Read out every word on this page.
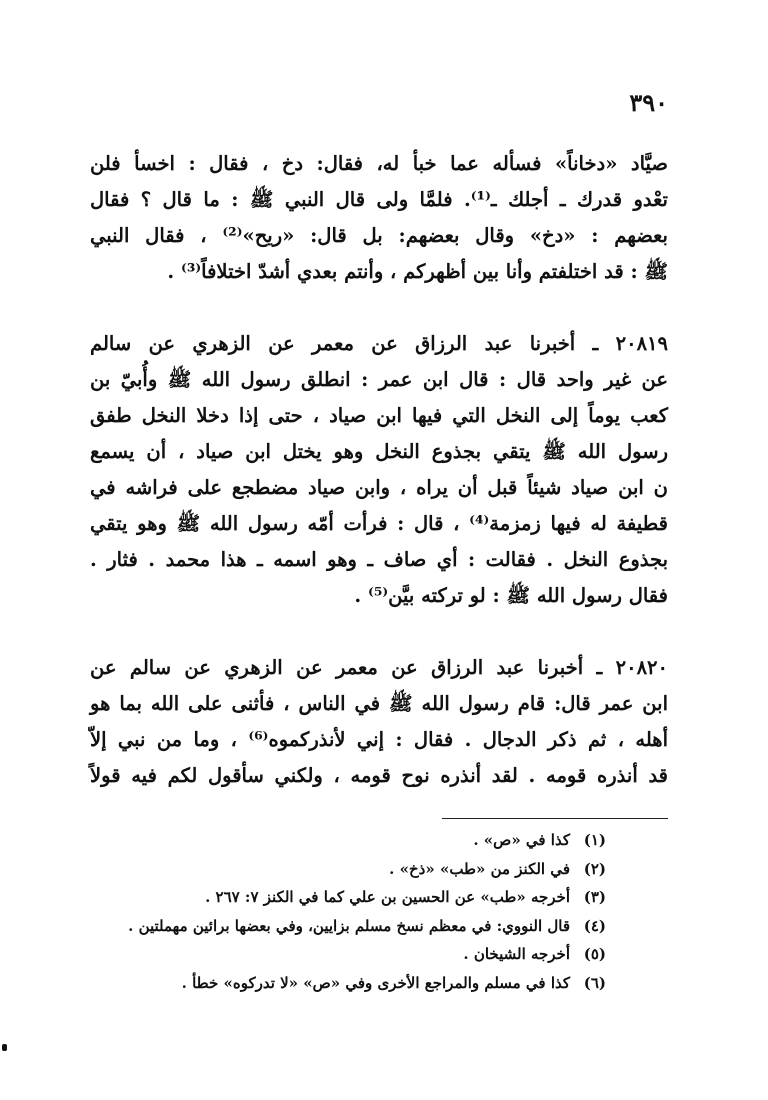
٣٩٠
صيَّاد «دخاناً» فسأله عما خبأ له، فقال: دخ ، فقال : اخسأ فلن
تعْدو قدرك ـ أجلك ـ⁽¹⁾. فلمَّا ولى قال النبي ﷺ : ما قال ؟ فقال
بعضهم : «دخ» وقال بعضهم: بل قال: «ريح»⁽²⁾ ، فقال النبي
ﷺ : قد اختلفتم وأنا بين أظهركم ، وأنتم بعدي أشدّ اختلافاً⁽³⁾ .
٢٠٨١٩ ـ أخبرنا عبد الرزاق عن معمر عن الزهري عن سالم
عن غير واحد قال : قال ابن عمر : انطلق رسول الله ﷺ وأُبيّ بن
كعب يوماً إلى النخل التي فيها ابن صياد ، حتى إذا دخلا النخل طفق
رسول الله ﷺ يتقي بجذوع النخل وهو يختل ابن صياد ، أن يسمع
ن ابن صياد شيئاً قبل أن يراه ، وابن صياد مضطجع على فراشه في
قطيفة له فيها زمزمة⁽⁴⁾ ، قال : فرأت أمّه رسول الله ﷺ وهو يتقي
بجذوع النخل . فقالت : أي صاف ـ وهو اسمه ـ هذا محمد . فثار .
فقال رسول الله ﷺ : لو تركته بيَّن⁽⁵⁾ .
٢٠٨٢٠ ـ أخبرنا عبد الرزاق عن معمر عن الزهري عن سالم عن
ابن عمر قال: قام رسول الله ﷺ في الناس ، فأثنى على الله بما هو
أهله ، ثم ذكر الدجال . فقال : إني لأنذركموه⁽⁶⁾ ، وما من نبي إلاّ
قد أنذره قومه . لقد أنذره نوح قومه ، ولكني سأقول لكم فيه قولاً
(١)كذا في «ص» .
(٢)في الكنز من «طب» «ذخ» .
(٣)أخرجه «طب» عن الحسين بن علي كما في الكنز ٧: ٢٦٧ .
(٤)قال النووي: في معظم نسخ مسلم بزايين، وفي بعضها برائين مهملتين .
(٥)أخرجه الشيخان .
(٦)كذا في مسلم والمراجع الأخرى وفي «ص» «لا تدركوه» خطأ .
